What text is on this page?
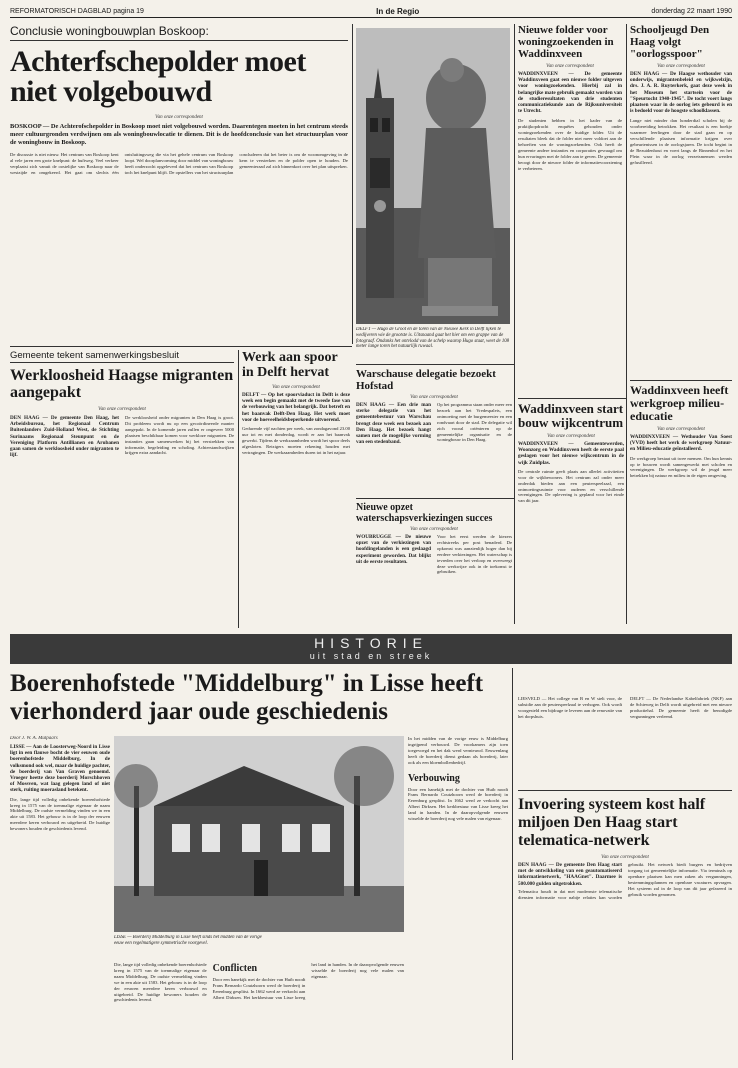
REFORMATORISCH DAGBLAD pagina 19	In de Regio	donderdag 22 maart 1990
Conclusie woningbouwplan Boskoop:
Achterfschepolder moet niet volgebouwd
Van onze correspondent
BOSKOOP — De Achterofschepolder in Boskoop moet niet volgebouwd worden. Daarentegen moeten in het centrum steeds meer cultuurgronden verdwijnen om als woningbouwlocatie te dienen. Dit is de hoofdconclusie van het structuurplan voor de woningbouw in Boskoop.
De discussie is niet nieuw. Het centrum van Boskoop kent al vele jaren een grote knelpunt: de huftweg. Veel verkeer verplaatst zich vanuit de oostelijke van Boskoop naar de westzijde en omgekeerd. Het gaat om slechts één ontsluitingsweg die via het gehele centrum van Boskoop loopt. Wel doorplanvorming door middel van woningbouw heeft onderzocht opgeleverd dat het centrum van Boskoop toch het knelpunt blijft. De opstellers van het structuurplan concluderen dat het beter is om de woonomgeving in de kern te versterken en de polder open te houden. De gemeenteraad zal zich binnenkort over het plan uitspreken.
DELFT — Hugo de Groot en de toren van de Nieuwe Kerk in Delft lijken te wedijveren wie de grootste is. Uitsnaand gaat het hier om een grappe van de fotograaf. Ondanks het ontvlodd van de schelp waarop Hugo staat, weet de 108 meter lange toren het natuurlijk ruwaal.
Nieuwe folder voor woningzoekenden in Waddinxveen
Van onze correspondent
WADDINXVEEN — De gemeente Waddinxveen gaat een nieuwe folder uitgeven voor woningzoekenden. Hierbij zal in belangrijke mate gebruik gemaakt worden van de studieresultaten van drie studenten communicatiekunde aan de Rijksuniversiteit te Utrecht.
De studenten hebben in het kader van de praktijkopdracht enquêtes gehouden onder woningzoekenden over de huidige folder. Uit de resultaten bleek dat de folder niet meer voldoet aan de behoeften van de woningzoekenden. Ook heeft de gemeente andere instanties en corporaties gevraagd om hun ervaringen met de folder aan te geven. De gemeente beoogt door de nieuwe folder de informatievoorziening te verbeteren.
Schooljeugd Den Haag volgt "oorlogsspoor"
Van onze correspondent
DEN HAAG — De Haagse wethouder van onderwijs, migrantenbeleid en wijkwelzijn, drs. J. A. R. Ruyterkerk, gaat deze week in het Museum het startsein voor de "Speurtocht 1940-1945". De tocht voert langs plaatsen waar in de oorlog iets gebeurd is en is bedoeld voor de hoogste schoolklassen.
Lange niet minder dan honderdtal scholen bij de voorbereiding betrokken. Het resultaat is een boekje waarmee leerlingen door de stad gaan en op verschillende plaatsen informatie krijgen over gebeurtenissen in de oorlogsjaren. De tocht begint in de Bezuidenhout en voert langs de Binnenhof en het Plein waar in de oorlog verzetsmensen werden gefusilleerd.
Gemeente tekent samenwerkingsbesluit
Werkloosheid Haagse migranten aangepakt
Van onze correspondent
DEN HAAG — De gemeente Den Haag, het Arbeidsbureau, het Regionaal Centrum Buitenlanders Zuid-Holland West, de Stichting Surinaams Regionaal Steunpunt en de Vereniging Platform Antillianen en Arubanen gaan samen de werkloosheid onder migranten te lijf.
De werkloosheid onder migranten in Den Haag is groot. Dit probleem wordt nu op een gecoördineerde manier aangepakt. In de komende jaren zullen er ongeveer 5000 plaatsen beschikbaar komen voor werkloze migranten. De instanties gaan samenwerken bij het verstrekken van informatie, begeleiding en scholing. Achterstandswijken krijgen extra aandacht.
Werk aan spoor in Delft hervat
Van onze correspondent
DELFT — Op het spoorviaduct in Delft is deze week een begin gemaakt met de tweede fase van de verbouwing van het belangrijk. Dat betreft en het baanvak Delft-Den Haag. Het werk moet voor de hoeveelheidsbeperkende uitvoerend.
Gedurende vijf nachten per week, van zondagavond 23.00 uur tot en met donderdag, wordt er aan het baanvak gewerkt. Tijdens de werkzaamheden wordt het spoor deels afgesloten. Reizigers moeten rekening houden met vertragingen. De werkzaamheden duren tot in het najaar.
Warschause delegatie bezoekt Hofstad
Van onze correspondent
DEN HAAG — Een drie man sterke delegatie van het gemeentebestuur van Warschau brengt deze week een bezoek aan Den Haag. Het bezoek hangt samen met de mogelijke vorming van een stedenband.
Op het programma staan onder meer een bezoek aan het Vredespaleis, een ontmoeting met de burgemeester en een rondvaart door de stad. De delegatie wil zich vooral oriënteren op de gemeentelijke organisatie en de woningbouw in Den Haag.
Nieuwe opzet waterschapsverkiezingen succes
Van onze correspondent
WOUBRUGGE — De nieuwe opzet van de verkiezingen van hoofdingelanden is een geslaagd experiment geworden. Dat blijkt uit de eerste resultaten.
Voor het eerst werden de kiezers rechtstreeks per post benaderd. De opkomst was aanzienlijk hoger dan bij eerdere verkiezingen. Het waterschap is tevreden over het verloop en overweegt deze werkwijze ook in de toekomst te gebruiken.
Waddinxveen start bouw wijkcentrum
Van onze correspondent
WADDINXVEEN — Gemeentewerden, Woonzorg en Waddinxveen heeft de eerste paal geslagen voor het nieuwe wijkcentrum in de wijk Zuidplas.
De centrale ruimte geeft plaats aan allerlei activiteiten voor de wijkbewoners. Het centrum zal onder meer onderdak bieden aan een peuterspeelzaal, een ontmoetingsruimte voor ouderen en verschillende verenigingen. De oplevering is gepland voor het einde van dit jaar.
Waddinxveen heeft werkgroep milieu-educatie
Van onze correspondent
WADDINXVEEN — Wethouder Van Soest (VVD) heeft het werk de werkgroep Natuur- en Milieu-educatie geïnstalleerd.
De werkgroep bestaat uit twee mensen. Om hun kennis op te bouwen wordt samengewerkt met scholen en verenigingen. De werkgroep wil de jeugd meer betrekken bij natuur en milieu in de eigen omgeving.
HISTORIE
uit stad en streek
LIESVELD — Het college van B en W stelt voor, de subsidie aan de peuterspeelzaal te verhogen. Ook wordt voorgesteld een bijdrage te leveren aan de renovatie van het dorpshuis.
DELFT — De Nederlandse Kabelfabriek (NKF) aan de Schieweg in Delft wordt uitgebreid met een nieuwe productiehal. De gemeente heeft de benodigde vergunningen verleend.
Boerenhofstede "Middelburg" in Lisse heeft vierhonderd jaar oude geschiedenis
Door J. W. A. Mulpaars
LISSE — Aan de Loosterweg-Noord in Lisse ligt in een flauwe bocht de vier eeuwen oude boerenhofstede Middelburg. In de volksmond ook wel, maar de huidige pachter, de boerderij van Van Graven genoemd. Vroeger heette deze boerderij Morschhoven of Mossven, wat laag gelegen land of niet sterk, ruiting moerasland betekent.
Die, lange tijd volledig onbekende boerenhofstede kreeg in 1575 van de toenmalige eigenaar de naam Middelburg. De oudste vermelding vinden we in een akte uit 1583. Het gebouw is in de loop der eeuwen meerdere keren verbouwd en uitgebreid. De huidige bewoners houden de geschiedenis levend.
LISSE — Boerderij Middelburg in Lisse heeft sinds het midden van de vorige eeuw een regelmatigere symmetrische voorgevel.
In het midden van de vorige eeuw is Middelburg ingrijpend verbouwd. De voorkamers zijn toen toegevoegd en het dak werd vernieuwd. Eeuwenlang heeft de boerderij dienst gedaan als boerderij, later ook als een bloembollenbedrijf.
Verbouwing
Door een hanekijk met de dochter van Huib noodt Frans Bernardo Coutzhoorn werd de boerderij in Eerenburg gesplitst. In 1662 werd ze verkocht aan Albert Dirksen. Het kerkbestuur van Lisse kreeg het land in handen. In de daaropvolgende eeuwen wisselde de boerderij nog vele malen van eigenaar.
Die, lange tijd volledig onbekende boerenhofstede kreeg in 1575 van de toenmalige eigenaar de naam Middelburg. De oudste vermelding vinden we in een akte uit 1583. Het gebouw is in de loop der eeuwen meerdere keren verbouwd en uitgebreid. De huidige bewoners houden de geschiedenis levend.
Conflicten
Door een hanekijk met de dochter van Huib noodt Frans Bernardo Coutzhoorn werd de boerderij in Eerenburg gesplitst. In 1662 werd ze verkocht aan Albert Dirksen. Het kerkbestuur van Lisse kreeg het land in handen. In de daaropvolgende eeuwen wisselde de boerderij nog vele malen van eigenaar.
Invoering systeem kost half miljoen Den Haag start telematica-netwerk
Van onze correspondent
DEN HAAG — De gemeente Den Haag start met de ontwikkeling van een geautomatiseerd informatienetwerk, "HAAGnet". Daarmee is 500.000 gulden uitgetrokken.
Telematica houdt in dat met modernste telematische diensten informatie voor nabije relaties kan worden gebruikt. Het netwerk biedt burgers en bedrijven toegang tot gemeentelijke informatie. Via terminals op openbare plaatsen kan men zaken als vergunningen, bestemmingsplannen en openbare vacatures opvragen. Het systeem zal in de loop van dit jaar gefaseerd in gebruik worden genomen.
